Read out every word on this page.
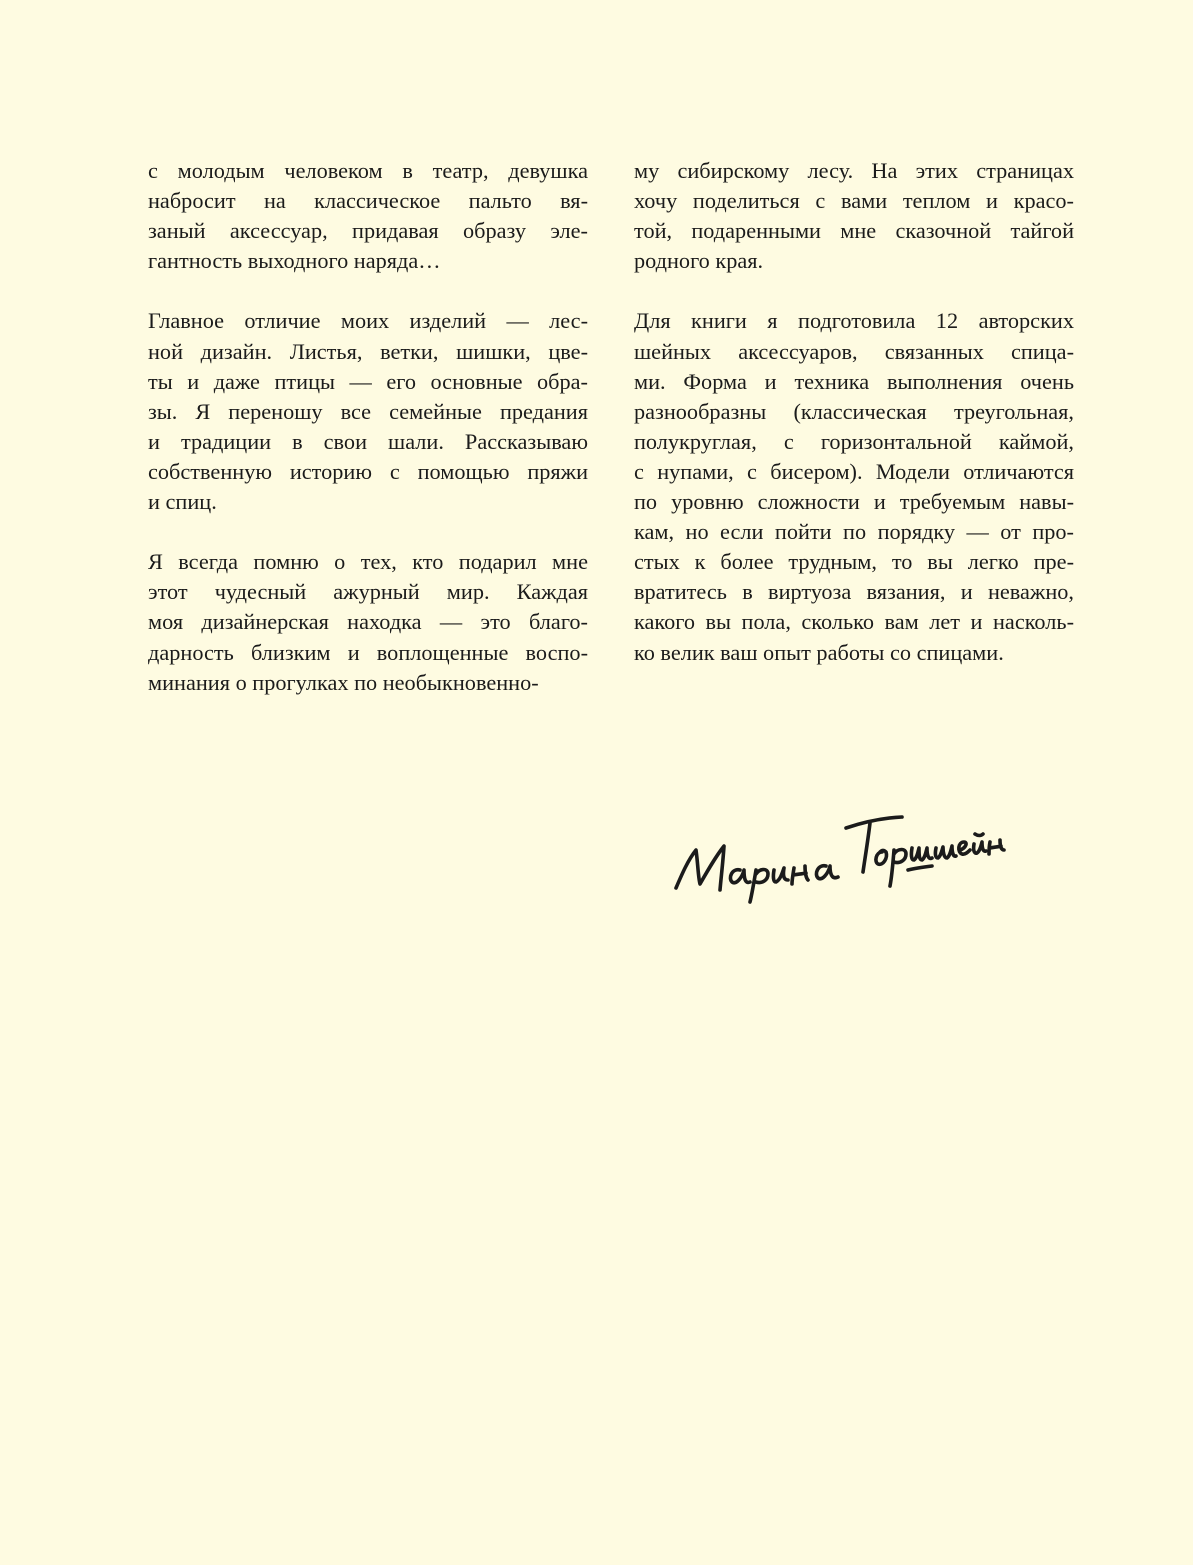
с молодым человеком в театр, девушка
набросит на классическое пальто вя-
заный аксессуар, придавая образу эле-
гантность выходного наряда…
Главное отличие моих изделий — лес-
ной дизайн. Листья, ветки, шишки, цве-
ты и даже птицы — его основные обра-
зы. Я переношу все семейные предания
и традиции в свои шали. Рассказываю
собственную историю с помощью пряжи
и спиц.
Я всегда помню о тех, кто подарил мне
этот чудесный ажурный мир. Каждая
моя дизайнерская находка — это благо-
дарность близким и воплощенные воспо-
минания о прогулках по необыкновенно-
му сибирскому лесу. На этих страницах
хочу поделиться с вами теплом и красо-
той, подаренными мне сказочной тайгой
родного края.
Для книги я подготовила 12 авторских
шейных аксессуаров, связанных спица-
ми. Форма и техника выполнения очень
разнообразны (классическая треугольная,
полукруглая, с горизонтальной каймой,
с нупами, с бисером). Модели отличаются
по уровню сложности и требуемым навы-
кам, но если пойти по порядку — от про-
стых к более трудным, то вы легко пре-
вратитесь в виртуоза вязания, и неважно,
какого вы пола, сколько вам лет и насколь-
ко велик ваш опыт работы со спицами.
